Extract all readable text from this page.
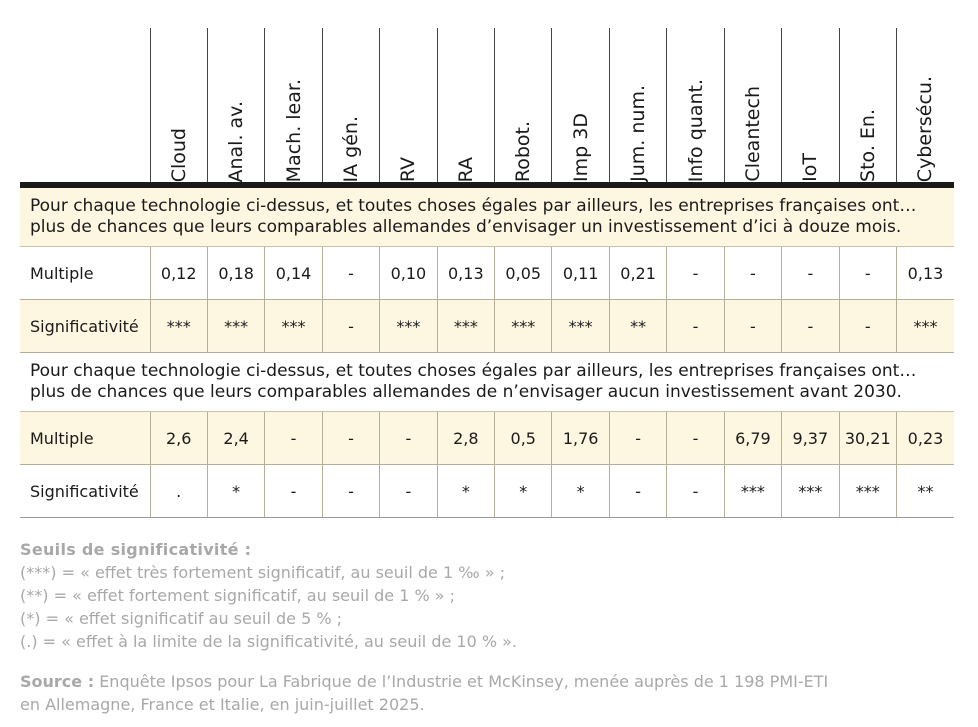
	Cloud	Anal. av.	Mach. lear.	IA gén.	RV	RA	Robot.	Imp 3D	Jum. num.	Info quant.	Cleantech	IoT	Sto. En.	Cybersécu.

Pour chaque technologie ci-dessus, et toutes choses égales par ailleurs, les entreprises françaises ont…
plus de chances que leurs comparables allemandes d’envisager un investissement d’ici à douze mois.														

Multiple	0,12	0,18	0,14	-	0,10	0,13	0,05	0,11	0,21	-	-	-	-	0,13
Significativité	***	***	***	-	***	***	***	***	**	-	-	-	-	***

Pour chaque technologie ci-dessus, et toutes choses égales par ailleurs, les entreprises françaises ont…
plus de chances que leurs comparables allemandes de n’envisager aucun investissement avant 2030.														

Multiple	2,6	2,4	-	-	-	2,8	0,5	1,76	-	-	6,79	9,37	30,21	0,23
Significativité	.	*	-	-	-	*	*	*	-	-	***	***	***	**
Seuils de significativité :
(***) = « effet très fortement significatif, au seuil de 1 ‰ » ;
(**) = « effet fortement significatif, au seuil de 1 % » ;
(*) = « effet significatif au seuil de 5 % ;
(.) = « effet à la limite de la significativité, au seuil de 10 % ».
Source : Enquête Ipsos pour La Fabrique de l’Industrie et McKinsey, menée auprès de 1 198 PMI-ETI
en Allemagne, France et Italie, en juin-juillet 2025.
